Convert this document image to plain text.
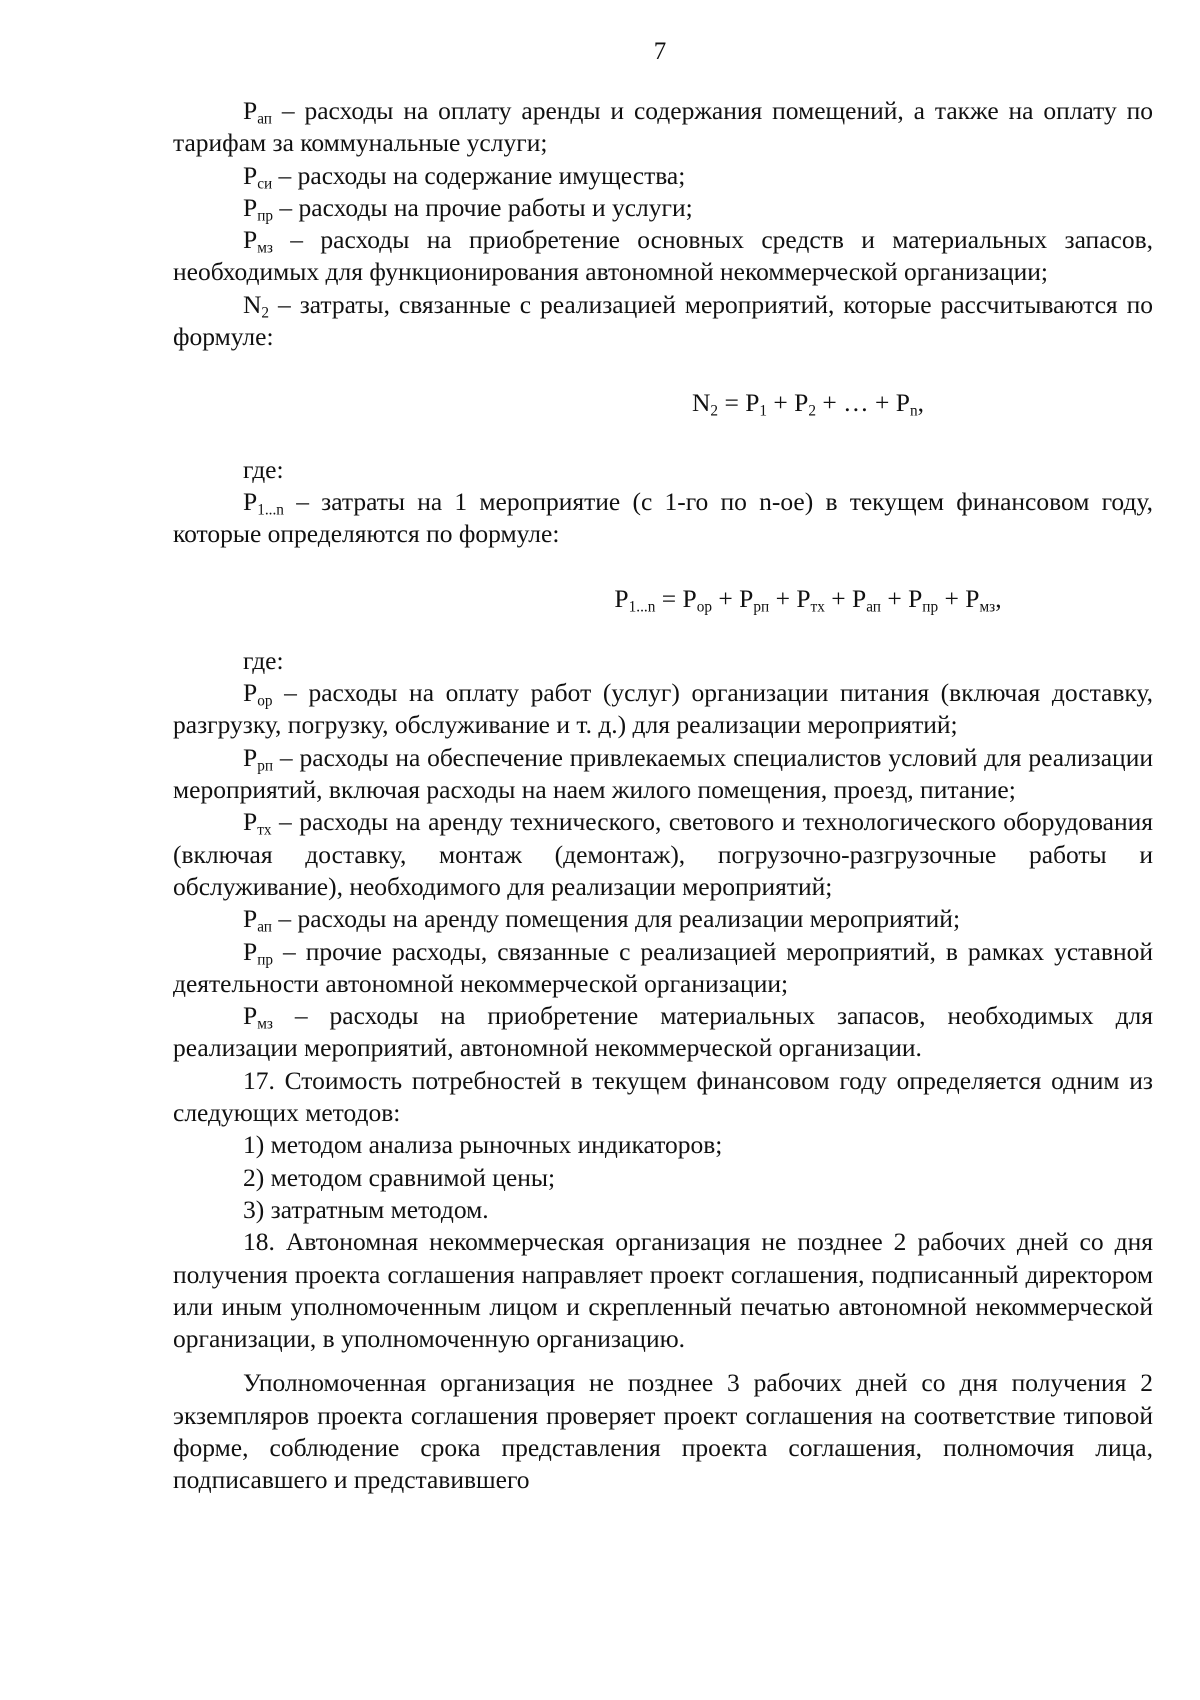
7

$P_{ап}$ – расходы на оплату аренды и содержания помещений, а также на оплату по тарифам за коммунальные услуги;

$P_{си}$ – расходы на содержание имущества;

$P_{пр}$ – расходы на прочие работы и услуги;

$P_{мз}$ – расходы на приобретение основных средств и материальных запасов, необходимых для функционирования автономной некоммерческой организации;

$N_2$ – затраты, связанные с реализацией мероприятий, которые рассчитываются по формуле:

$N_2 = P_1 + P_2$ + … + $P_n$,

где:

$P_{1...n}$ – затраты на 1 мероприятие (с 1-го по n-ое) в текущем финансовом году, которые определяются по формуле:

$P_{1...n} = P_{ор} + P_{рп} + P_{тх} + P_{ап} + P_{пр} + P_{мз}$,

где:

$P_{ор}$ – расходы на оплату работ (услуг) организации питания (включая доставку, разгрузку, погрузку, обслуживание и т. д.) для реализации мероприятий;

$P_{рп}$ – расходы на обеспечение привлекаемых специалистов условий для реализации мероприятий, включая расходы на наем жилого помещения, проезд, питание;

$P_{тх}$ – расходы на аренду технического, светового и технологического оборудования (включая доставку, монтаж (демонтаж), погрузочно-разгрузочные работы и обслуживание), необходимого для реализации мероприятий;

$P_{ап}$ – расходы на аренду помещения для реализации мероприятий;

$P_{пр}$ – прочие расходы, связанные с реализацией мероприятий, в рамках уставной деятельности автономной некоммерческой организации;

$P_{мз}$ – расходы на приобретение материальных запасов, необходимых для реализации мероприятий, автономной некоммерческой организации.

17. Стоимость потребностей в текущем финансовом году определяется одним из следующих методов:

1) методом анализа рыночных индикаторов;

2) методом сравнимой цены;

3) затратным методом.

18. Автономная некоммерческая организация не позднее 2 рабочих дней со дня получения проекта соглашения направляет проект соглашения, подписанный директором или иным уполномоченным лицом и скрепленный печатью автономной некоммерческой организации, в уполномоченную организацию.

Уполномоченная организация не позднее 3 рабочих дней со дня получения 2 экземпляров проекта соглашения проверяет проект соглашения на соответствие типовой форме, соблюдение срока представления проекта соглашения, полномочия лица, подписавшего и представившего
